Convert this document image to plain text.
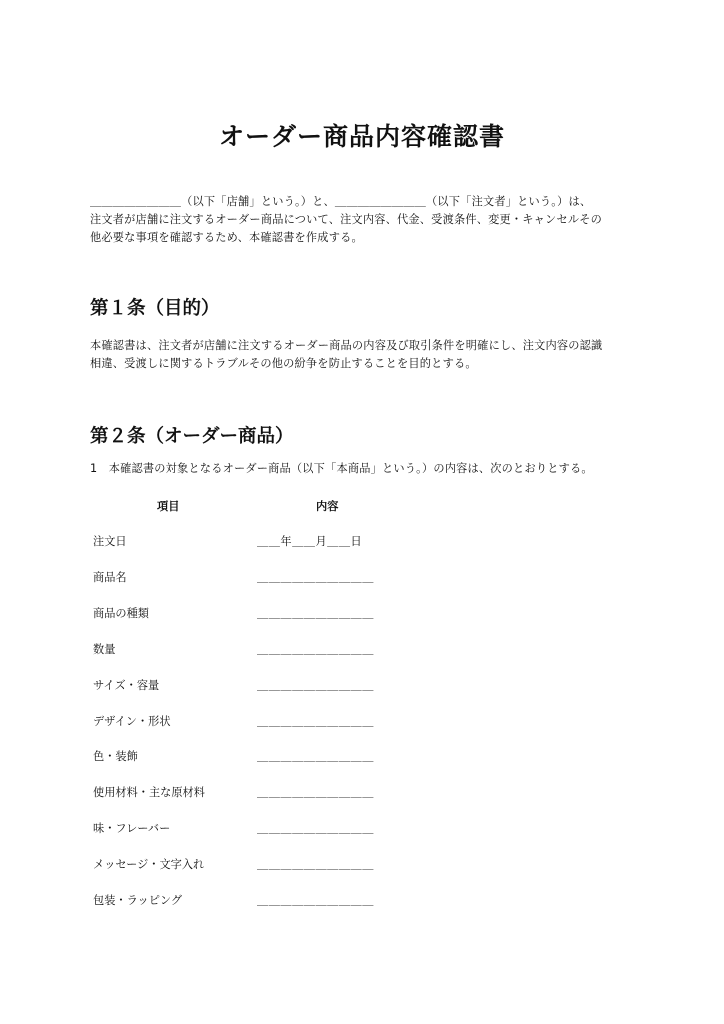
オーダー商品内容確認書
＿＿＿＿＿＿＿＿（以下「店舗」という。）と、＿＿＿＿＿＿＿＿（以下「注文者」という。）は、
注文者が店舗に注文するオーダー商品について、注文内容、代金、受渡条件、変更・キャンセルその
他必要な事項を確認するため、本確認書を作成する。
第１条（目的）
本確認書は、注文者が店舗に注文するオーダー商品の内容及び取引条件を明確にし、注文内容の認識
相違、受渡しに関するトラブルその他の紛争を防止することを目的とする。
第２条（オーダー商品）
1　本確認書の対象となるオーダー商品（以下「本商品」という。）の内容は、次のとおりとする。
項目	内容
注文日	＿＿年＿＿月＿＿日
商品名	＿＿＿＿＿＿＿＿＿＿
商品の種類	＿＿＿＿＿＿＿＿＿＿
数量	＿＿＿＿＿＿＿＿＿＿
サイズ・容量	＿＿＿＿＿＿＿＿＿＿
デザイン・形状	＿＿＿＿＿＿＿＿＿＿
色・装飾	＿＿＿＿＿＿＿＿＿＿
使用材料・主な原材料	＿＿＿＿＿＿＿＿＿＿
味・フレーバー	＿＿＿＿＿＿＿＿＿＿
メッセージ・文字入れ	＿＿＿＿＿＿＿＿＿＿
包装・ラッピング	＿＿＿＿＿＿＿＿＿＿
